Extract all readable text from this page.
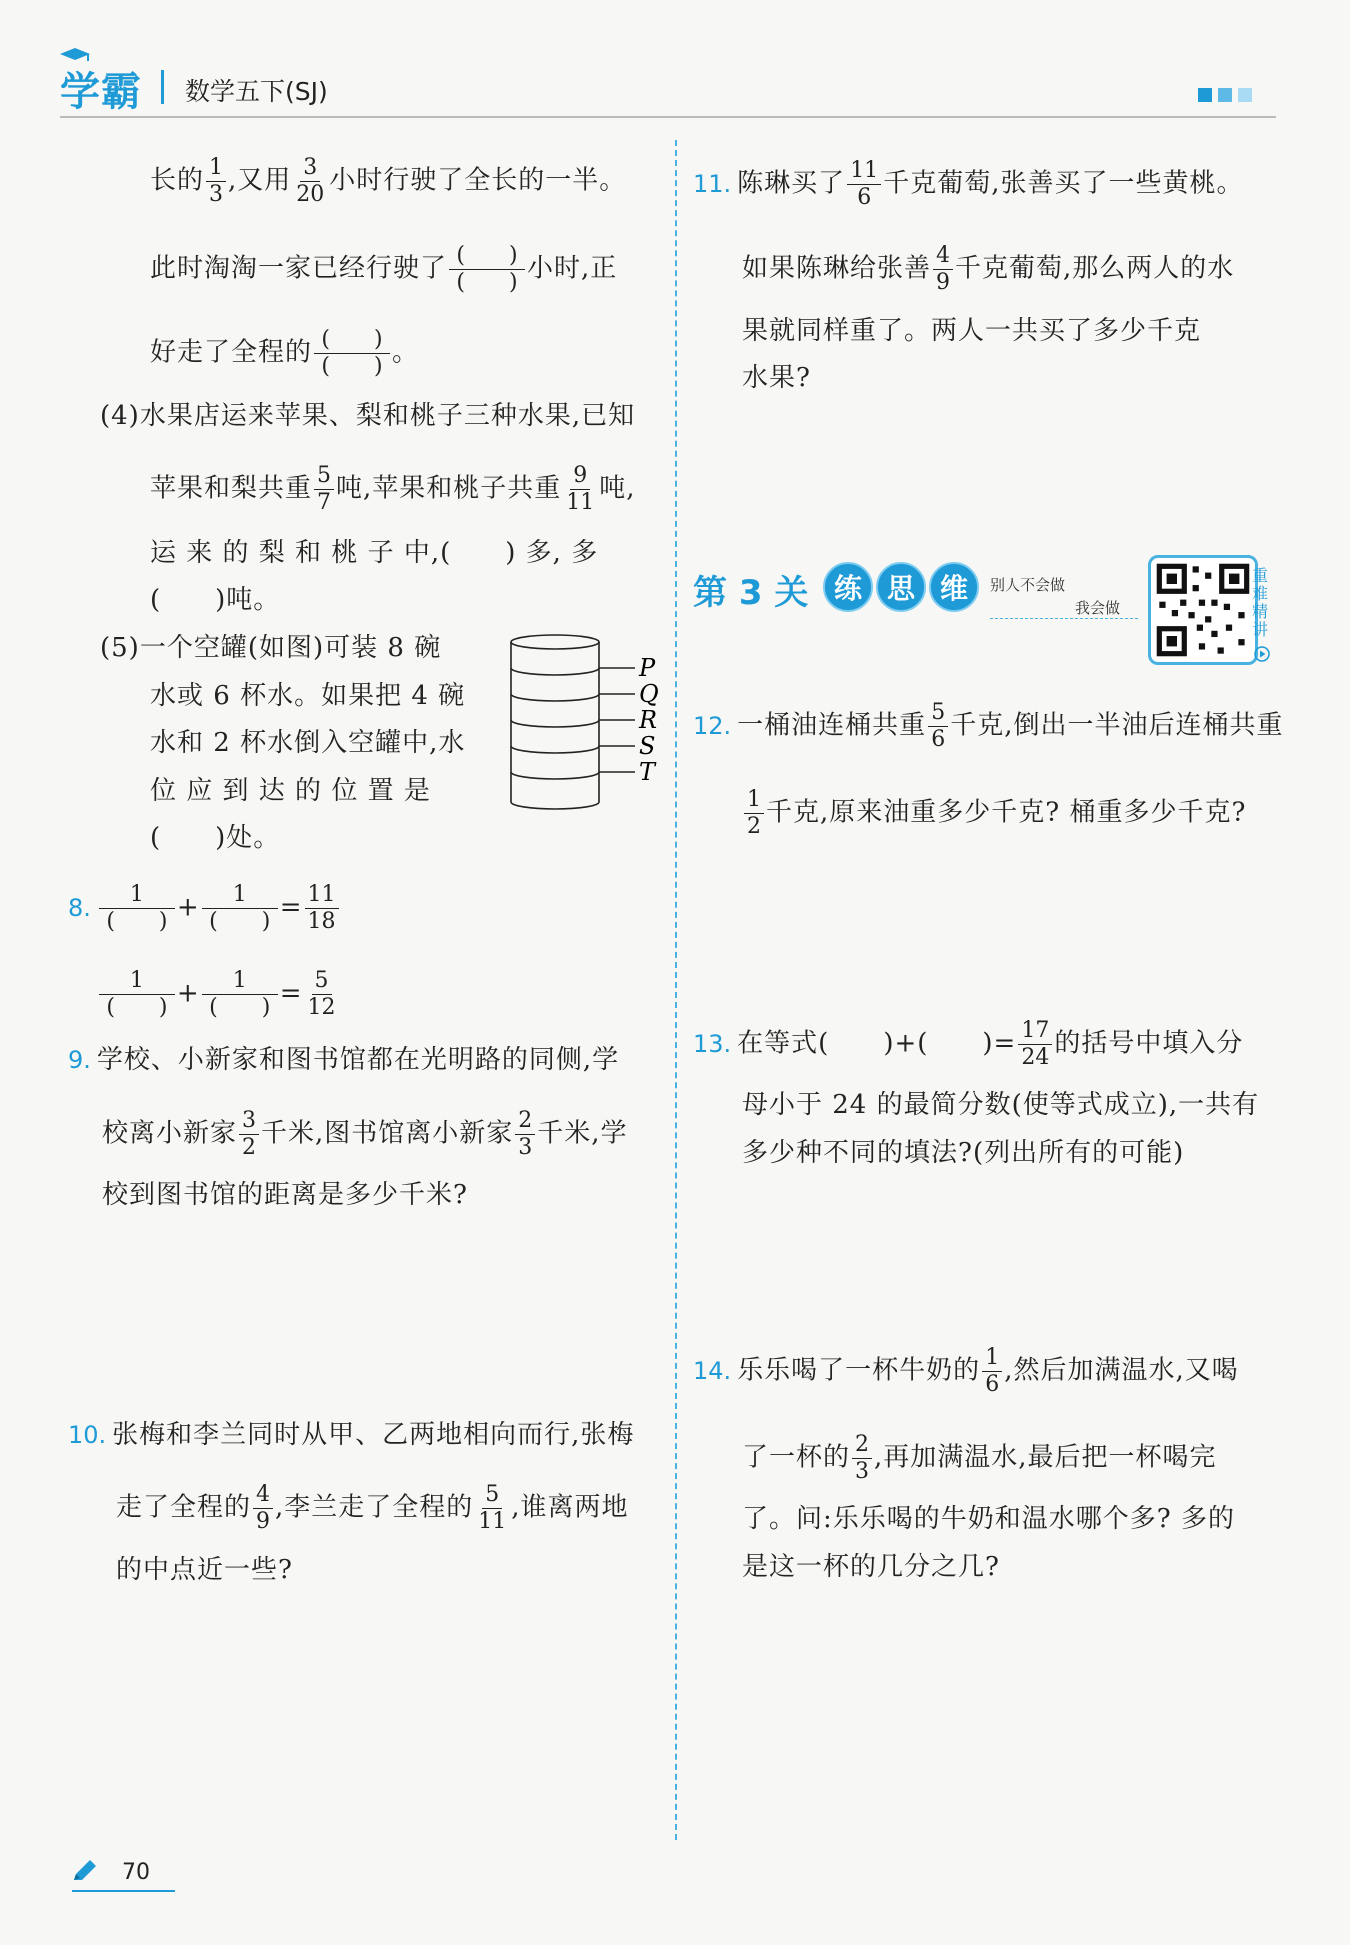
学霸 数学五下(SJ)
长的 $\frac{1}{3}$ ,又用 $\frac{3}{20}$ 小时行驶了全长的一半。
此时淘淘一家已经行驶了 (　　)
(　　) 小时,正
好走了全程的 (　　)
(　　) 。
(4)水果店运来苹果、梨和桃子三种水果,已知
苹果和梨共重 $\frac{5}{7}$ 吨,苹果和桃子共重 $\frac{9}{11}$ 吨,
运 来 的 梨 和 桃 子 中,(　　) 多, 多
(　　)吨。
(5)一个空罐(如图)可装 8 碗
水或 6 杯水。如果把 4 碗
水和 2 杯水倒入空罐中,水
位 应 到 达 的 位 置 是
(　　)处。
P
Q
R
S
T
8.	1
(　　) +	1
(　　) = $\frac{11}{18}$
1
(　　) +	1
(　　) = $\frac{5}{12}$
9. 学校、小新家和图书馆都在光明路的同侧,学
校离小新家 $\frac{3}{2}$ 千米,图书馆离小新家 $\frac{2}{3}$ 千米,学
校到图书馆的距离是多少千米?
10. 张梅和李兰同时从甲、乙两地相向而行,张梅
走了全程的 $\frac{4}{9}$ ,李兰走了全程的 $\frac{5}{11}$ ,谁离两地
的中点近一些?
11. 陈琳买了 $\frac{11}{6}$ 千克葡萄,张善买了一些黄桃。
如果陈琳给张善 $\frac{4}{9}$ 千克葡萄,那么两人的水
果就同样重了。两人一共买了多少千克
水果?
第 3 关 练 思 维	别人不会做
我会做
重难精讲
12. 一桶油连桶共重 $\frac{5}{6}$ 千克,倒出一半油后连桶共重
$\frac{1}{2}$ 千克,原来油重多少千克? 桶重多少千克?
13. 在等式(　　)+(　　)= $\frac{17}{24}$ 的括号中填入分
母小于 24 的最简分数(使等式成立),一共有
多少种不同的填法?(列出所有的可能)
14. 乐乐喝了一杯牛奶的 $\frac{1}{6}$ ,然后加满温水,又喝
了一杯的 $\frac{2}{3}$ ,再加满温水,最后把一杯喝完
了。问:乐乐喝的牛奶和温水哪个多? 多的
是这一杯的几分之几?
70
